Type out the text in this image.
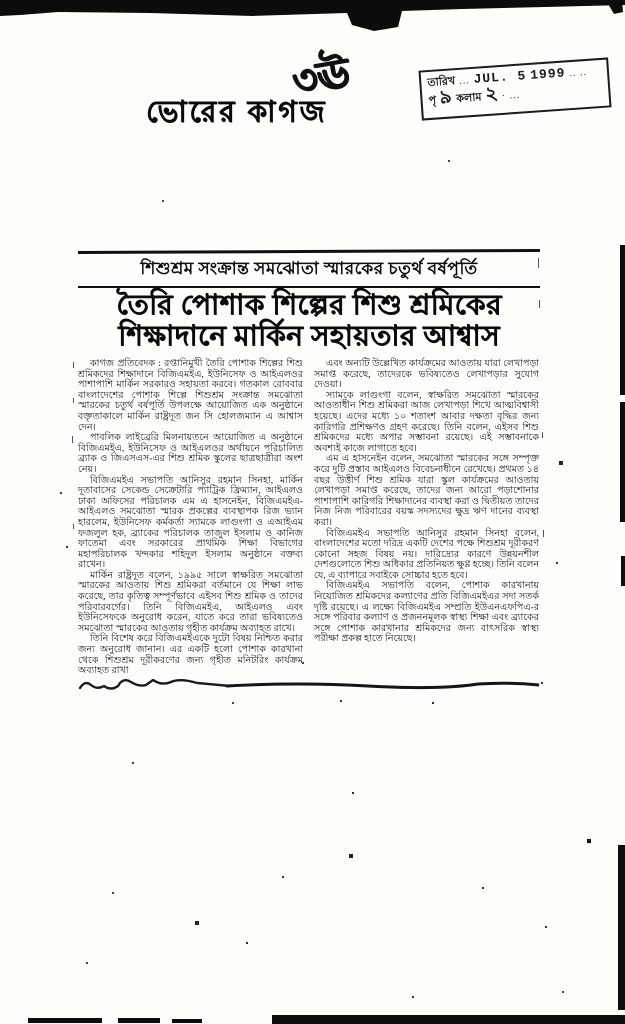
ভোরের কাগজ
৩ঊ	তারিখ ... JUL. 5 1999 .. ..
পৃ ৯ কলাম ২ · ...
শিশুশ্রম সংক্রান্ত সমঝোতা স্মারকের চতুর্থ বর্ষপূর্তি
তৈরি পোশাক শিল্পের শিশু শ্রমিকের
শিক্ষাদানে মার্কিন সহায়তার আশ্বাস

কাগজ প্রতিবেদক : রপ্তানিমুখী তৈরি পোশাক শিল্পের শিশু শ্রমিকদের শিক্ষাদানে বিজিএমইএ, ইউনিসেফ ও আইএলওর পাশাপাশি মার্কিন সরকারও সহায়তা করবে। গতকাল রোববার বাংলাদেশের পোশাক শিল্পে শিশুশ্রম সংক্রান্ত সমঝোতা স্মারকের চতুর্থ বর্ষপূর্তি উপলক্ষে আয়োজিত এক অনুষ্ঠানে বক্তৃতাকালে মার্কিন রাষ্ট্রদূত জন সি হোলজম্যান এ আশ্বাস দেন।

পাবলিক লাইব্রেরি মিলনায়তনে আয়োজিত এ অনুষ্ঠানে বিজিএমইএ, ইউনিসেফ ও আইএলওর অর্থায়নে পরিচালিত ব্র্যাক ও জিএসএস-এর শিশু শ্রমিক স্কুলের ছাত্রছাত্রীরা অংশ নেয়।

বিজিএমইএ সভাপতি আনিসুর রহমান সিনহা, মার্কিন দূতাবাসের সেকেন্ড সেক্রেটারি প্যাট্রিক ফ্রিম্যান, আইএলও ঢাকা অফিসের পরিচালক এম এ হাসনেইন, বিজিএমইএ-আইএলও সমঝোতা স্মারক প্রকল্পের ব্যবস্থাপক রিজ ভ্যান হারলেম, ইউনিসেফ কর্মকর্তা স্যামকে লাগুংগা ও এআইএম ফজলুল হক, ব্র্যাকের পরিচালক তাজুল ইসলাম ও কানিজ ফাতেমা এবং সরকারের প্রাথমিক শিক্ষা বিভাগের মহাপরিচালক খন্দকার শহিদুল ইসলাম অনুষ্ঠানে বক্তব্য রাখেন।

মার্কিন রাষ্ট্রদূত বলেন, ১৯৯৫ সালে স্বাক্ষরিত সমঝোতা স্মারকের আওতায় শিশু শ্রমিকরা বর্তমানে যে শিক্ষা লাভ করেছে, তার কৃতিত্ব সম্পূর্ণভাবে এইসব শিশু শ্রমিক ও তাদের পরিবারবর্গের। তিনি বিজিএমইএ, আইএলও এবং ইউনিসেফকে অনুরোধ করেন, যাতে করে তারা ভবিষ্যতেও সমঝোতা স্মারকের আওতায় গৃহীত কার্যক্রম অব্যাহত রাখে।

তিনি বিশেষ করে বিজিএমইএকে দুটো বিষয় নিশ্চিত করার জন্য অনুরোধ জানান। এর একটি হলো পোশাক কারখানা থেকে শিশুশ্রম দূরীকরণের জন্য গৃহীত মনিটরিং কার্যক্রম অব্যাহত রাখা

এবং অন্যটি উল্লেখিত কার্যক্রমের আওতায় যারা লেখাপড়া সমাপ্ত করেছে, তাদেরকে ভবিষ্যতেও লেখাপড়ার সুযোগ দেওয়া।

স্যামকে লাগুংগা বলেন, স্বাক্ষরিত সমঝোতা স্মারকের আওতাধীন শিশু শ্রমিকরা আজ লেখাপড়া শিখে আত্মবিশ্বাসী হয়েছে। এদের মধ্যে ১০ শতাংশ আবার দক্ষতা বৃদ্ধির জন্য কারিগরি প্রশিক্ষণও গ্রহণ করেছে। তিনি বলেন, এইসব শিশু শ্রমিকদের মধ্যে অপার সম্ভাবনা রয়েছে। এই সম্ভাবনাকে অবশ্যই কাজে লাগাতে হবে।

এম এ হাসনেইন বলেন, সমঝোতা স্মারকের সঙ্গে সম্পৃক্ত করে দুটি প্রস্তাব আইএলও বিবেচনাধীনে রেখেছে। প্রথমত ১৪ বছর উত্তীর্ণ শিশু শ্রমিক যারা স্কুল কার্যক্রমের আওতায় লেখাপড়া সমাপ্ত করেছে, তাদের জন্য আরো পড়াশোনার পাশাপাশি কারিগরি শিক্ষাদানের ব্যবস্থা করা ও দ্বিতীয়ত তাদের নিজ নিজ পরিবারের বয়স্ক সদস্যদের ক্ষুদ্র ঋণ দানের ব্যবস্থা করা।

বিজিএমইএ সভাপতি আনিসুর রহমান সিনহা বলেন, বাংলাদেশের মতো দরিদ্র একটি দেশের পক্ষে শিশুশ্রম দূরীকরণ কোনো সহজ বিষয় নয়। দারিদ্র্যের কারণে উন্নয়নশীল দেশগুলোতে শিশু অধিকার প্রতিনিয়ত ক্ষুণ্ণ হচ্ছে। তিনি বলেন যে, এ ব্যাপারে সবাইকে সোচ্চার হতে হবে।

বিজিএমইএ সভাপতি বলেন, পোশাক কারখানায় নিয়োজিত শ্রমিকদের কল্যাণের প্রতি বিজিএমইএর সদা সতর্ক দৃষ্টি রয়েছে। এ লক্ষ্যে বিজিএমইএ সম্প্রতি ইউএনএফপিএ-র সঙ্গে পরিবার কল্যাণ ও প্রজননমূলক স্বাস্থ্য শিক্ষা এবং ব্র্যাকের সঙ্গে পোশাক কারখানার শ্রমিকদের জন্য বাৎসরিক স্বাস্থ্য পরীক্ষা প্রকল্প হাতে নিয়েছে।
